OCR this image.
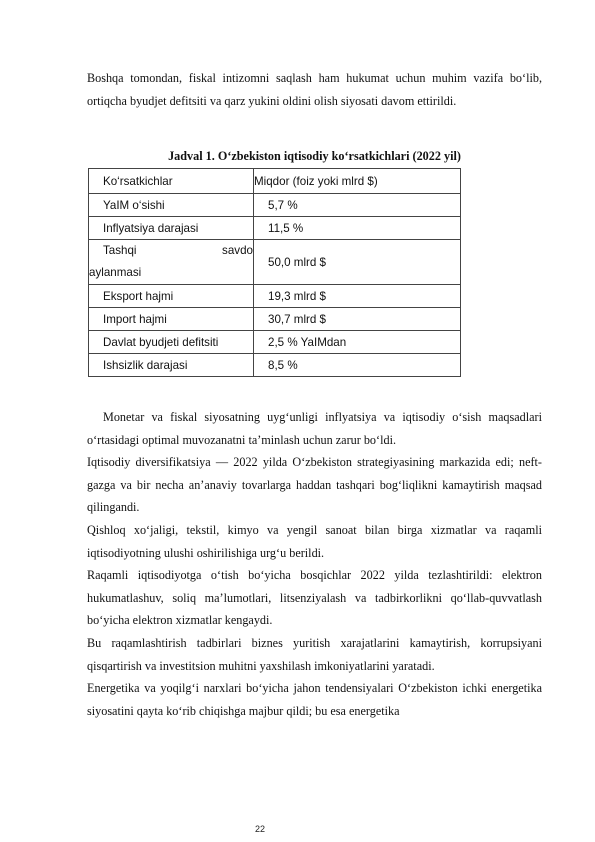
Boshqa tomondan, fiskal intizomni saqlash ham hukumat uchun muhim vazifa bo‘lib, ortiqcha byudjet defitsiti va qarz yukini oldini olish siyosati davom ettirildi.
Jadval 1. O‘zbekiston iqtisodiy ko‘rsatkichlari (2022 yil)
Ko‘rsatkichlar	Miqdor (foiz yoki mlrd $)
YaIM o‘sishi	5,7 %
Inflyatsiya darajasi	11,5 %

Tashqi savdo
aylanmasi	50,0 mlrd $
Eksport hajmi	19,3 mlrd $
Import hajmi	30,7 mlrd $
Davlat byudjeti defitsiti	2,5 % YaIMdan
Ishsizlik darajasi	8,5 %
Monetar va fiskal siyosatning uyg‘unligi inflyatsiya va iqtisodiy o‘sish maqsadlari o‘rtasidagi optimal muvozanatni ta’minlash uchun zarur bo‘ldi.
Iqtisodiy diversifikatsiya — 2022 yilda O‘zbekiston strategiyasining markazida edi; neft-gazga va bir necha an’anaviy tovarlarga haddan tashqari bog‘liqlikni kamaytirish maqsad qilingandi.
Qishloq xo‘jaligi, tekstil, kimyo va yengil sanoat bilan birga xizmatlar va raqamli iqtisodiyotning ulushi oshirilishiga urg‘u berildi.
Raqamli iqtisodiyotga o‘tish bo‘yicha bosqichlar 2022 yilda tezlashtirildi: elektron hukumatlashuv, soliq ma’lumotlari, litsenziyalash va tadbirkorlikni qo‘llab-quvvatlash bo‘yicha elektron xizmatlar kengaydi.
Bu raqamlashtirish tadbirlari biznes yuritish xarajatlarini kamaytirish, korrupsiyani qisqartirish va investitsion muhitni yaxshilash imkoniyatlarini yaratadi.
Energetika va yoqilg‘i narxlari bo‘yicha jahon tendensiyalari O‘zbekiston ichki energetika siyosatini qayta ko‘rib chiqishga majbur qildi; bu esa energetika
22
